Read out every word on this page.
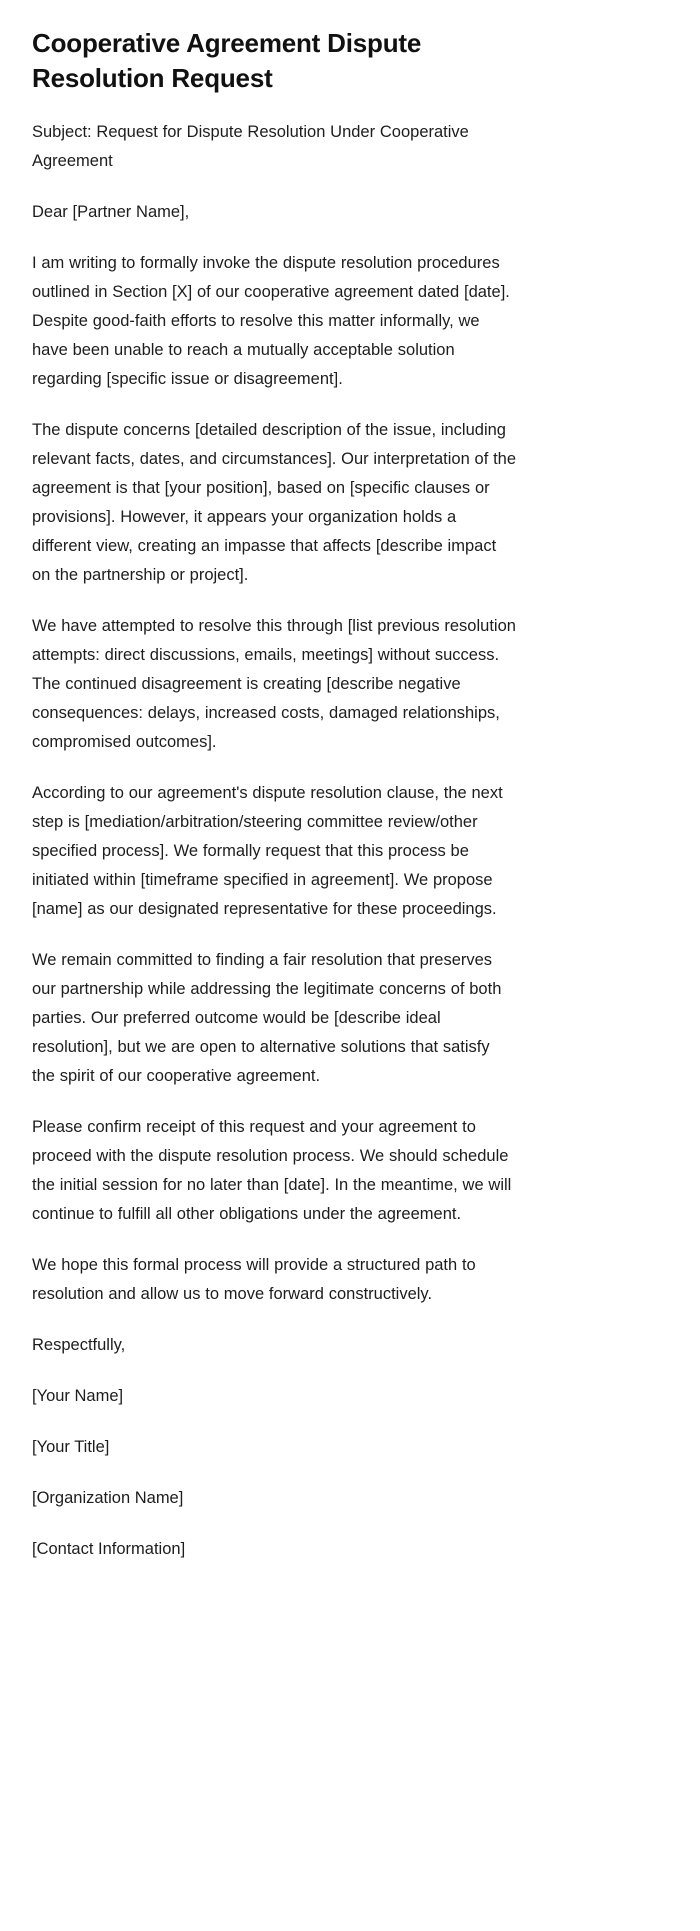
Cooperative Agreement Dispute Resolution Request

Subject: Request for Dispute Resolution Under Cooperative Agreement

Dear [Partner Name],

I am writing to formally invoke the dispute resolution procedures outlined in Section [X] of our cooperative agreement dated [date]. Despite good-faith efforts to resolve this matter informally, we have been unable to reach a mutually acceptable solution regarding [specific issue or disagreement].

The dispute concerns [detailed description of the issue, including relevant facts, dates, and circumstances]. Our interpretation of the agreement is that [your position], based on [specific clauses or provisions]. However, it appears your organization holds a different view, creating an impasse that affects [describe impact on the partnership or project].

We have attempted to resolve this through [list previous resolution attempts: direct discussions, emails, meetings] without success. The continued disagreement is creating [describe negative consequences: delays, increased costs, damaged relationships, compromised outcomes].

According to our agreement's dispute resolution clause, the next step is [mediation/arbitration/steering committee review/other specified process]. We formally request that this process be initiated within [timeframe specified in agreement]. We propose [name] as our designated representative for these proceedings.

We remain committed to finding a fair resolution that preserves our partnership while addressing the legitimate concerns of both parties. Our preferred outcome would be [describe ideal resolution], but we are open to alternative solutions that satisfy the spirit of our cooperative agreement.

Please confirm receipt of this request and your agreement to proceed with the dispute resolution process. We should schedule the initial session for no later than [date]. In the meantime, we will continue to fulfill all other obligations under the agreement.

We hope this formal process will provide a structured path to resolution and allow us to move forward constructively.

Respectfully,

[Your Name]

[Your Title]

[Organization Name]

[Contact Information]
